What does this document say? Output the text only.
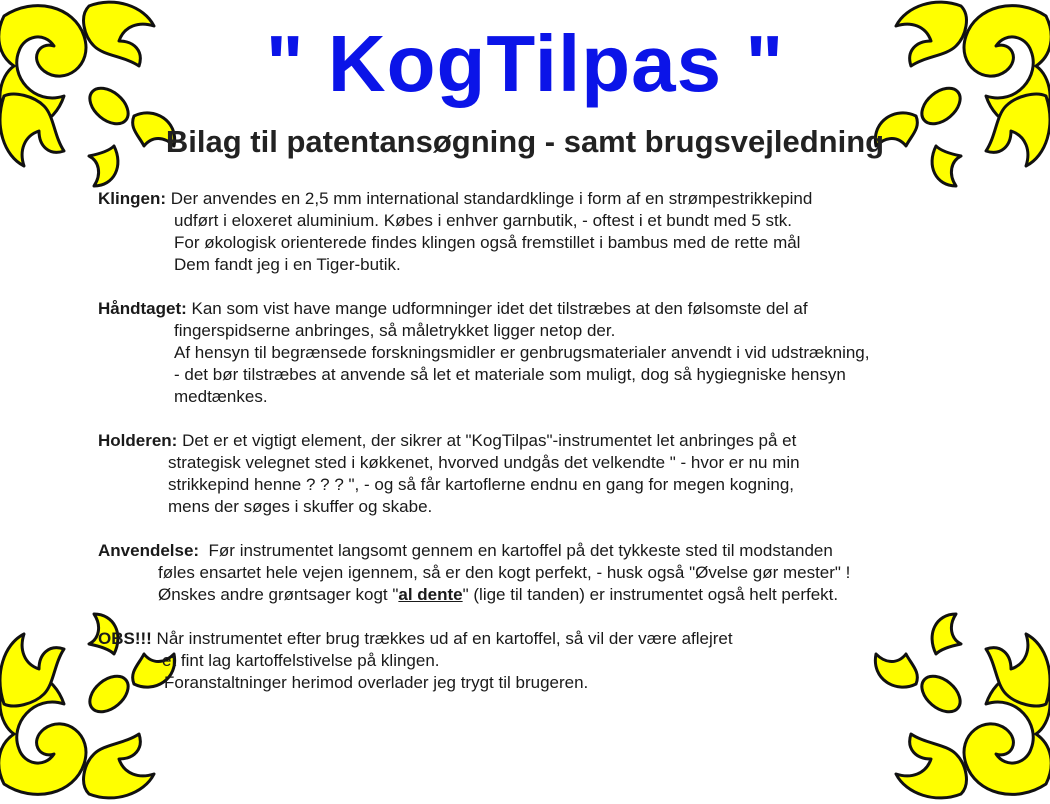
" KogTilpas "
Bilag til patentansøgning - samt brugsvejledning
Klingen: Der anvendes en 2,5 mm international standardklinge i form af en strømpestrikkepind
udført i eloxeret aluminium. Købes i enhver garnbutik, - oftest i et bundt med 5 stk.
For økologisk orienterede findes klingen også fremstillet i bambus med de rette mål
Dem fandt jeg i en Tiger-butik.
Håndtaget: Kan som vist have mange udformninger idet det tilstræbes at den følsomste del af
fingerspidserne anbringes, så måletrykket ligger netop der.
Af hensyn til begrænsede forskningsmidler er genbrugsmaterialer anvendt i vid udstrækning,
- det bør tilstræbes at anvende så let et materiale som muligt, dog så hygiegniske hensyn
medtænkes.
Holderen: Det er et vigtigt element, der sikrer at "KogTilpas"-instrumentet let anbringes på et
strategisk velegnet sted i køkkenet, hvorved undgås det velkendte " - hvor er nu min
strikkepind henne ? ? ? ", - og så får kartoflerne endnu en gang for megen kogning,
mens der søges i skuffer og skabe.
Anvendelse:  Før instrumentet langsomt gennem en kartoffel på det tykkeste sted til modstanden
føles ensartet hele vejen igennem, så er den kogt perfekt, - husk også "Øvelse gør mester" !
Ønskes andre grøntsager kogt "al dente" (lige til tanden) er instrumentet også helt perfekt.
OBS!!! Når instrumentet efter brug trækkes ud af en kartoffel, så vil der være aflejret
et fint lag kartoffelstivelse på klingen.
Foranstaltninger herimod overlader jeg trygt til brugeren.
